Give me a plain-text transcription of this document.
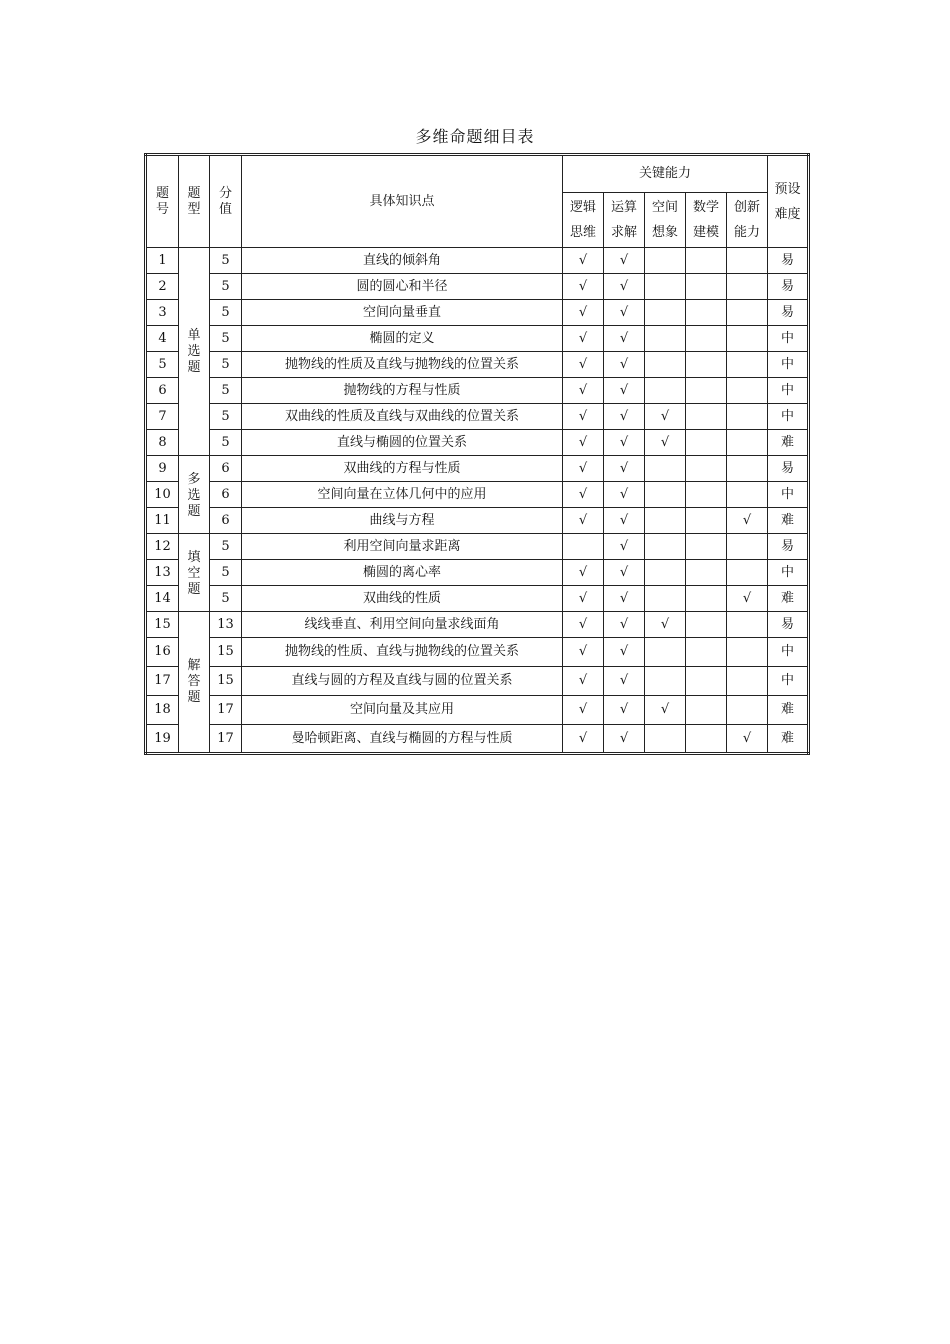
多维命题细目表
题号	题型	分值	具体知识点	关键能力					预设难度
				逻辑思维	运算求解	空间想象	数学建模	创新能力	
1	单选题	5	直线的倾斜角	√	√				易
2		5	圆的圆心和半径	√	√				易
3		5	空间向量垂直	√	√				易
4		5	椭圆的定义	√	√				中
5		5	抛物线的性质及直线与抛物线的位置关系	√	√				中
6		5	抛物线的方程与性质	√	√				中
7		5	双曲线的性质及直线与双曲线的位置关系	√	√	√			中
8		5	直线与椭圆的位置关系	√	√	√			难
9	多选题	6	双曲线的方程与性质	√	√				易
10		6	空间向量在立体几何中的应用	√	√				中
11		6	曲线与方程	√	√			√	难
12	填空题	5	利用空间向量求距离		√				易
13		5	椭圆的离心率	√	√				中
14		5	双曲线的性质	√	√			√	难
15	解答题	13	线线垂直、利用空间向量求线面角	√	√	√			易
16		15	抛物线的性质、直线与抛物线的位置关系	√	√				中
17		15	直线与圆的方程及直线与圆的位置关系	√	√				中
18		17	空间向量及其应用	√	√	√			难
19		17	曼哈顿距离、直线与椭圆的方程与性质	√	√			√	难
